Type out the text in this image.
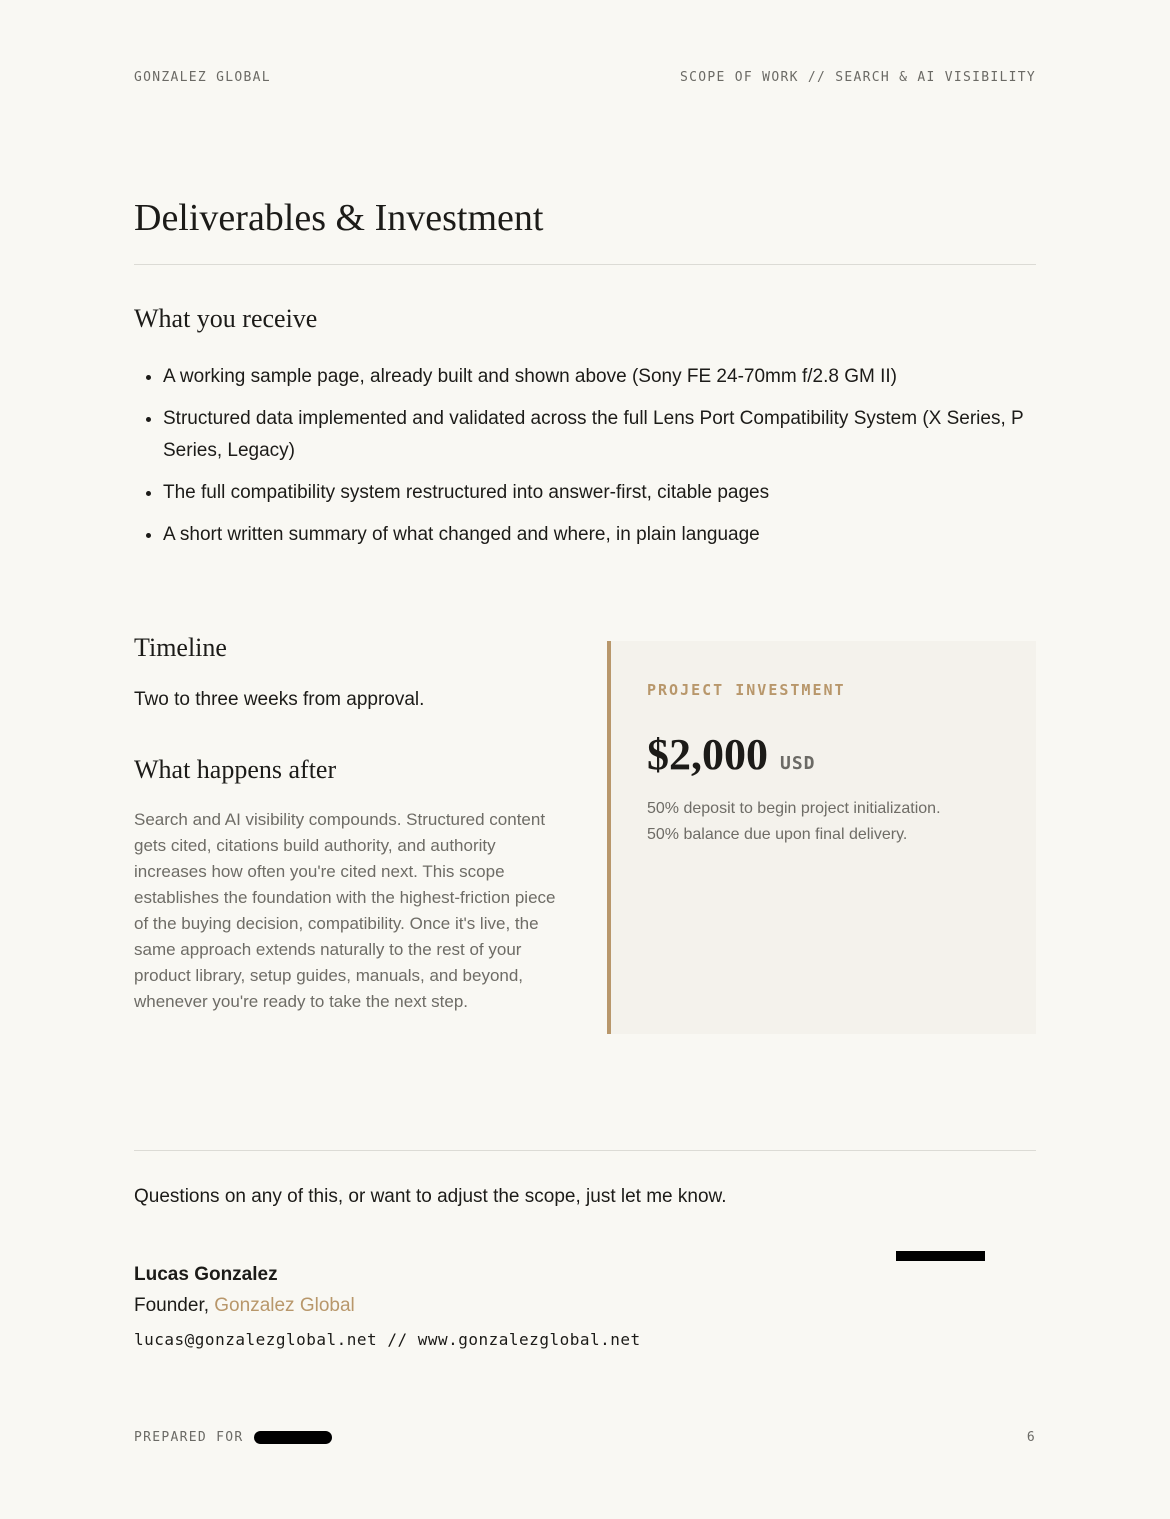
GONZALEZ GLOBAL	SCOPE OF WORK // SEARCH & AI VISIBILITY
Deliverables & Investment
What you receive
• A working sample page, already built and shown above (Sony FE 24-70mm f/2.8 GM II)
• Structured data implemented and validated across the full Lens Port Compatibility System (X Series, P Series, Legacy)
• The full compatibility system restructured into answer-first, citable pages
• A short written summary of what changed and where, in plain language
Timeline

Two to three weeks from approval.

What happens after

Search and AI visibility compounds. Structured content gets cited, citations build authority, and authority increases how often you're cited next. This scope establishes the foundation with the highest-friction piece of the buying decision, compatibility. Once it's live, the same approach extends naturally to the rest of your product library, setup guides, manuals, and beyond, whenever you're ready to take the next step.

PROJECT INVESTMENT
$2,000 USD
50% deposit to begin project initialization.
50% balance due upon final delivery.

Questions on any of this, or want to adjust the scope, just let me know.

Lucas Gonzalez
Founder, Gonzalez Global
lucas@gonzalezglobal.net // www.gonzalezglobal.net
PREPARED FOR	6
